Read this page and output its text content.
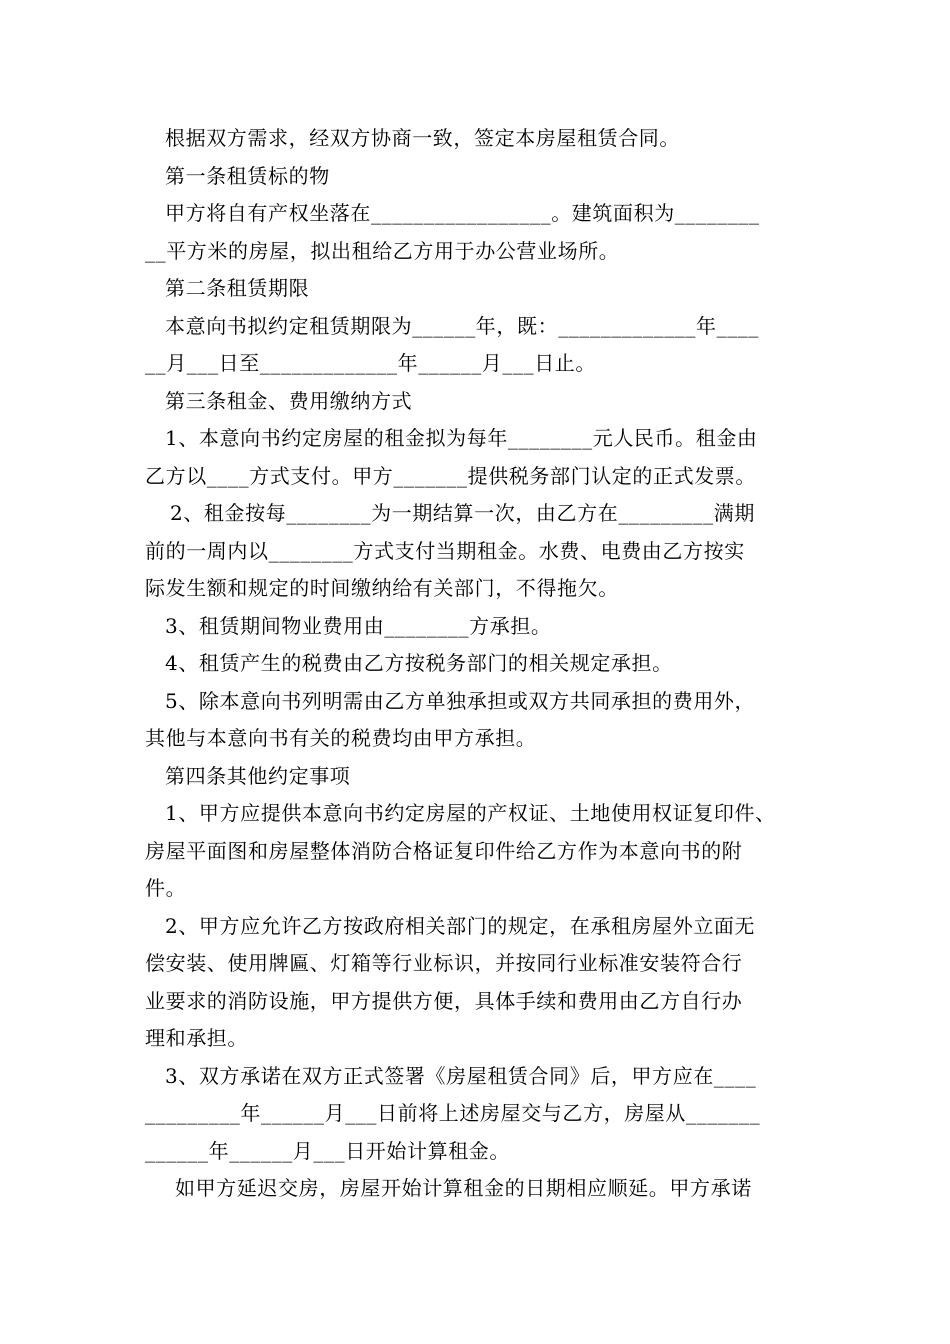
根据双方需求，经双方协商一致，签定本房屋租赁合同。
第一条租赁标的物
甲方将自有产权坐落在_________________。建筑面积为________
__平方米的房屋，拟出租给乙方用于办公营业场所。
第二条租赁期限
本意向书拟约定租赁期限为______年，既：_____________年____
__月___日至_____________年______月___日止。
第三条租金、费用缴纳方式
1、本意向书约定房屋的租金拟为每年________元人民币。租金由
乙方以____方式支付。甲方_______提供税务部门认定的正式发票。
2、租金按每________为一期结算一次，由乙方在_________满期
前的一周内以________方式支付当期租金。水费、电费由乙方按实
际发生额和规定的时间缴纳给有关部门，不得拖欠。
3、租赁期间物业费用由________方承担。
4、租赁产生的税费由乙方按税务部门的相关规定承担。
5、除本意向书列明需由乙方单独承担或双方共同承担的费用外，
其他与本意向书有关的税费均由甲方承担。
第四条其他约定事项
1、甲方应提供本意向书约定房屋的产权证、土地使用权证复印件、
房屋平面图和房屋整体消防合格证复印件给乙方作为本意向书的附
件。
2、甲方应允许乙方按政府相关部门的规定，在承租房屋外立面无
偿安装、使用牌匾、灯箱等行业标识，并按同行业标准安装符合行
业要求的消防设施，甲方提供方便，具体手续和费用由乙方自行办
理和承担。
3、双方承诺在双方正式签署《房屋租赁合同》后，甲方应在____
_________年______月___日前将上述房屋交与乙方，房屋从_______
______年______月___日开始计算租金。
如甲方延迟交房，房屋开始计算租金的日期相应顺延。甲方承诺
